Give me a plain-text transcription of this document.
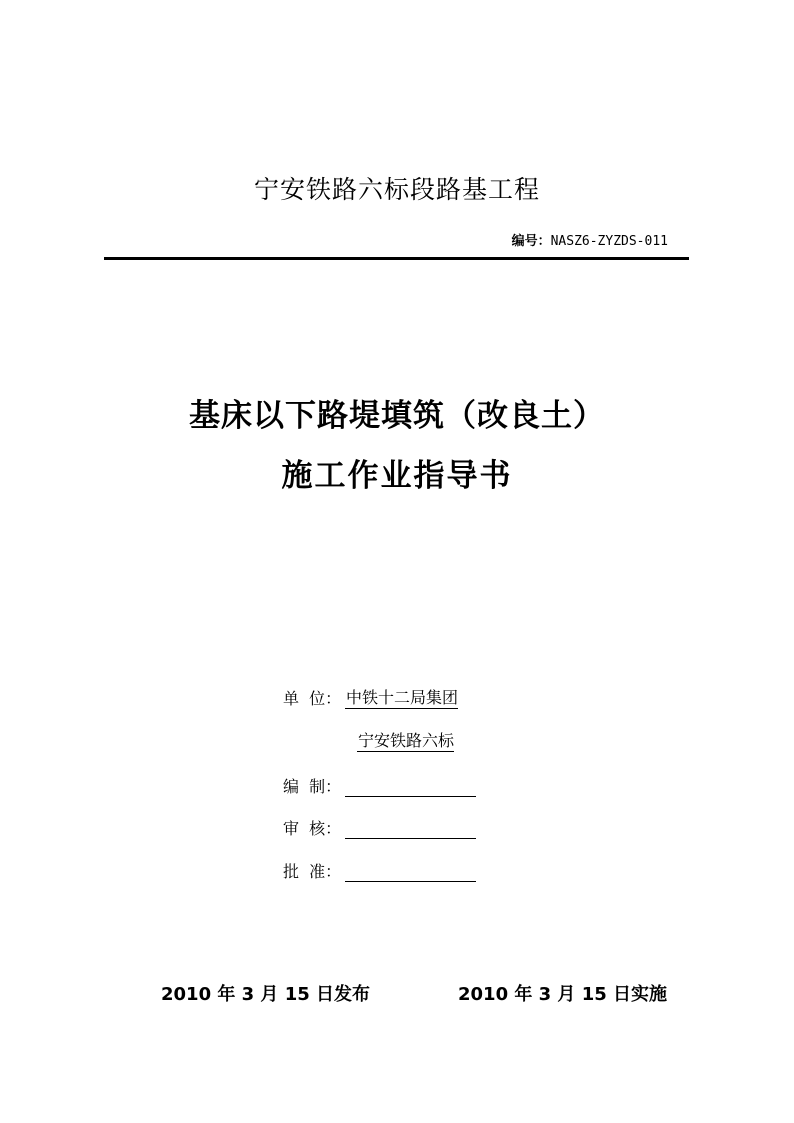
宁安铁路六标段路基工程
编号：NASZ6-ZYZDS-011
基床以下路堤填筑（改良土）
施工作业指导书
单  位： 中铁十二局集团
宁安铁路六标
编  制：
审  核：
批  准：
2010 年 3 月 15 日发布	2010 年 3 月 15 日实施
